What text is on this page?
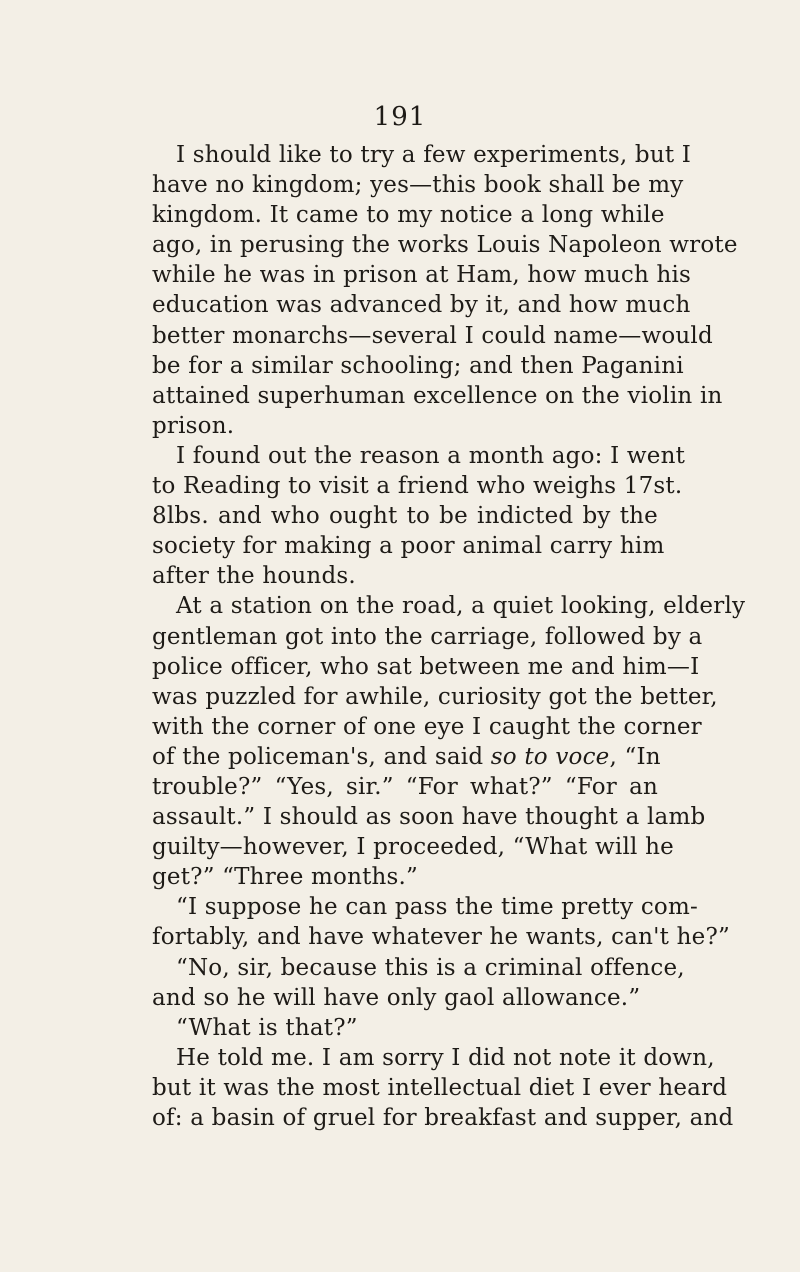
191
I should like to try a few experiments, but I
have no kingdom; yes—this book shall be my
kingdom. It came to my notice a long while
ago, in perusing the works Louis Napoleon wrote
while he was in prison at Ham, how much his
education was advanced by it, and how much
better monarchs—several I could name—would
be for a similar schooling; and then Paganini
attained superhuman excellence on the violin in
prison.
I found out the reason a month ago: I went
to Reading to visit a friend who weighs 17st.
8lbs. and who ought to be indicted by the
society for making a poor animal carry him
after the hounds.
At a station on the road, a quiet looking, elderly
gentleman got into the carriage, followed by a
police officer, who sat between me and him—I
was puzzled for awhile, curiosity got the better,
with the corner of one eye I caught the corner
of the policeman's, and said so to voce, “In
trouble?” “Yes, sir.” “For what?” “For an
assault.” I should as soon have thought a lamb
guilty—however, I proceeded, “What will he
get?” “Three months.”
“I suppose he can pass the time pretty com-
fortably, and have whatever he wants, can't he?”
“No, sir, because this is a criminal offence,
and so he will have only gaol allowance.”
“What is that?”
He told me. I am sorry I did not note it down,
but it was the most intellectual diet I ever heard
of: a basin of gruel for breakfast and supper, and
